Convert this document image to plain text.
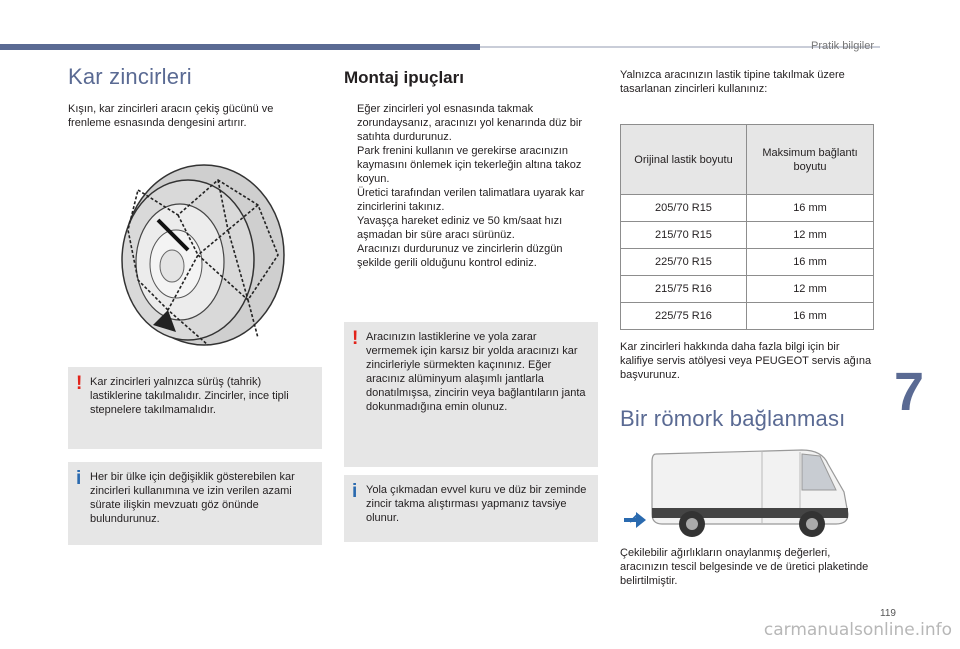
Pratik bilgiler
Kar zincirleri
Kışın, kar zincirleri aracın çekiş gücünü ve frenleme esnasında dengesini artırır.
! Kar zincirleri yalnızca sürüş (tahrik) lastiklerine takılmalıdır. Zincirler, ince tipli stepnelere takılmamalıdır.
i Her bir ülke için değişiklik gösterebilen kar zincirleri kullanımına ve izin verilen azami sürate ilişkin mevzuatı göz önünde bulundurunuz.
Montaj ipuçları
Eğer zincirleri yol esnasında takmak zorundaysanız, aracınızı yol kenarında düz bir satıhta durdurunuz.
Park frenini kullanın ve gerekirse aracınızın kaymasını önlemek için tekerleğin altına takoz koyun.
Üretici tarafından verilen talimatlara uyarak kar zincirlerini takınız.
Yavaşça hareket ediniz ve 50 km/saat hızı aşmadan bir süre aracı sürünüz.
Aracınızı durdurunuz ve zincirlerin düzgün şekilde gerili olduğunu kontrol ediniz.
! Aracınızın lastiklerine ve yola zarar vermemek için karsız bir yolda aracınızı kar zincirleriyle sürmekten kaçınınız. Eğer aracınız alüminyum alaşımlı jantlarla donatılmışsa, zincirin veya bağlantıların janta dokunmadığına emin olunuz.
i Yola çıkmadan evvel kuru ve düz bir zeminde zincir takma alıştırması yapmanız tavsiye olunur.
Yalnızca aracınızın lastik tipine takılmak üzere tasarlanan zincirleri kullanınız:
Orijinal lastik boyutu	Maksimum bağlantı boyutu
205/70 R15	16 mm
215/70 R15	12 mm
225/70 R15	16 mm
215/75 R16	12 mm
225/75 R16	16 mm
Kar zincirleri hakkında daha fazla bilgi için bir kalifiye servis atölyesi veya PEUGEOT servis ağına başvurunuz.
Bir römork bağlanması
Çekilebilir ağırlıkların onaylanmış değerleri, aracınızın tescil belgesinde ve de üretici plaketinde belirtilmiştir.
7
119
carmanualsonline.info
